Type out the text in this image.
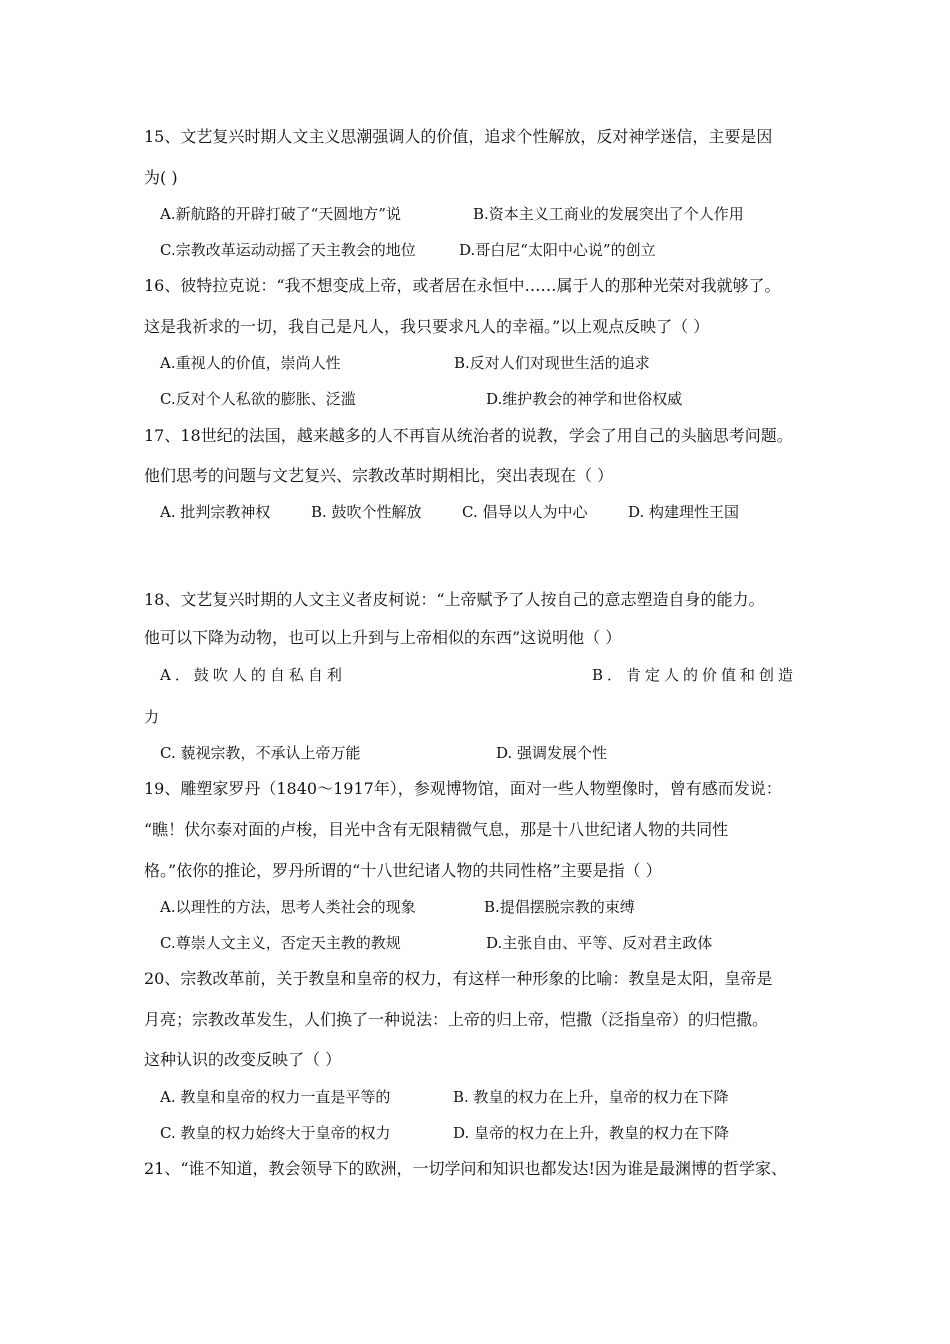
15、文艺复兴时期人文主义思潮强调人的价值，追求个性解放，反对神学迷信，主要是因
为( )
A.新航路的开辟打破了“天圆地方”说	B.资本主义工商业的发展突出了个人作用
C.宗教改革运动动摇了天主教会的地位	D.哥白尼“太阳中心说”的创立
16、彼特拉克说：“我不想变成上帝，或者居在永恒中……属于人的那种光荣对我就够了。
这是我祈求的一切，我自己是凡人，我只要求凡人的幸福。”以上观点反映了（ ）
A.重视人的价值，崇尚人性	B.反对人们对现世生活的追求
C.反对个人私欲的膨胀、泛滥	D.维护教会的神学和世俗权威
17、18世纪的法国，越来越多的人不再盲从统治者的说教，学会了用自己的头脑思考问题。
他们思考的问题与文艺复兴、宗教改革时期相比，突出表现在（ ）
A. 批判宗教神权	B. 鼓吹个性解放	C. 倡导以人为中心	D. 构建理性王国
18、文艺复兴时期的人文主义者皮柯说：“上帝赋予了人按自己的意志塑造自身的能力。
他可以下降为动物，也可以上升到与上帝相似的东西”这说明他（ ）
A．鼓吹人的自私自利	B．肯定人的价值和创造
力
C. 藐视宗教，不承认上帝万能	D. 强调发展个性
19、雕塑家罗丹（1840～1917年），参观博物馆，面对一些人物塑像时，曾有感而发说：
“瞧！伏尔泰对面的卢梭，目光中含有无限精微气息，那是十八世纪诸人物的共同性
格。”依你的推论，罗丹所谓的“十八世纪诸人物的共同性格”主要是指（ ）
A.以理性的方法，思考人类社会的现象	B.提倡摆脱宗教的束缚
C.尊崇人文主义，否定天主教的教规	D.主张自由、平等、反对君主政体
20、宗教改革前，关于教皇和皇帝的权力，有这样一种形象的比喻：教皇是太阳，皇帝是
月亮；宗教改革发生，人们换了一种说法：上帝的归上帝，恺撒（泛指皇帝）的归恺撒。
这种认识的改变反映了（ ）
A. 教皇和皇帝的权力一直是平等的	B. 教皇的权力在上升，皇帝的权力在下降
C. 教皇的权力始终大于皇帝的权力	D. 皇帝的权力在上升，教皇的权力在下降
21、“谁不知道，教会领导下的欧洲，一切学问和知识也都发达!因为谁是最渊博的哲学家、
